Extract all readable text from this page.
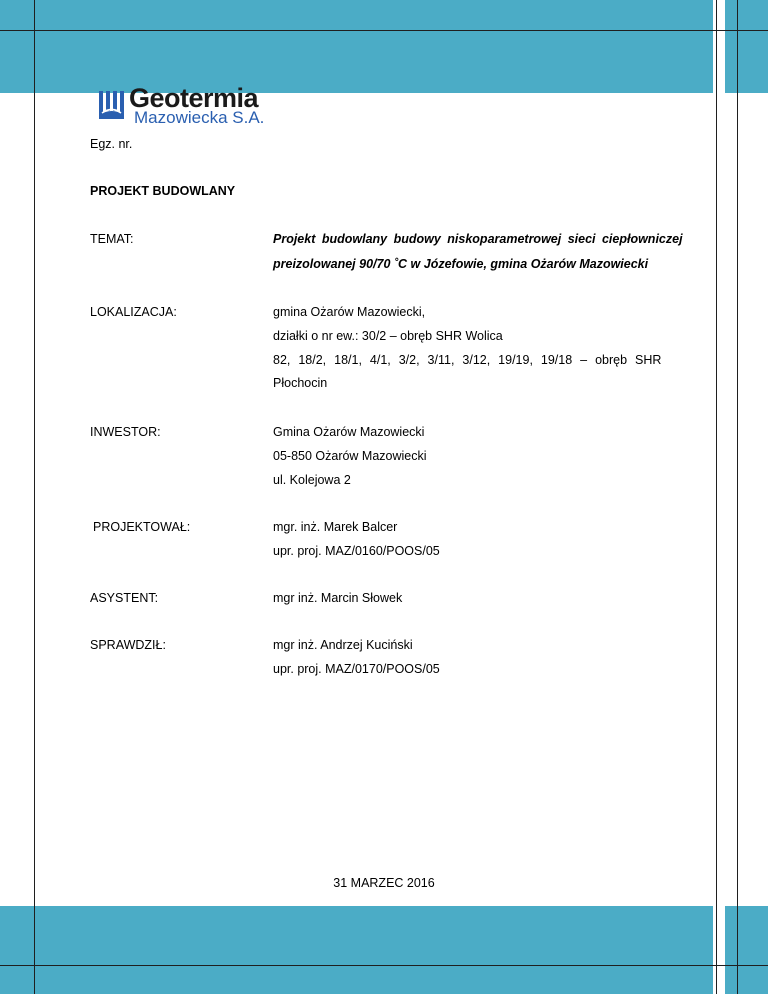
Geotermia
Mazowiecka S.A.
Egz. nr.
PROJEKT BUDOWLANY
TEMAT:	Projekt budowlany budowy niskoparametrowej sieci ciepłowniczej
preizolowanej 90/70 ˚C w Józefowie, gmina Ożarów Mazowiecki
LOKALIZACJA:	gmina Ożarów Mazowiecki,
działki o nr ew.: 30/2 – obręb SHR Wolica
82, 18/2, 18/1, 4/1, 3/2, 3/11, 3/12, 19/19, 19/18 – obręb SHR
Płochocin
INWESTOR:	Gmina Ożarów Mazowiecki
05-850 Ożarów Mazowiecki
ul. Kolejowa 2
PROJEKTOWAŁ:	mgr. inż. Marek Balcer
upr. proj. MAZ/0160/POOS/05
ASYSTENT:	mgr inż. Marcin Słowek
SPRAWDZIŁ:	mgr inż. Andrzej Kuciński
upr. proj. MAZ/0170/POOS/05
31 MARZEC 2016
